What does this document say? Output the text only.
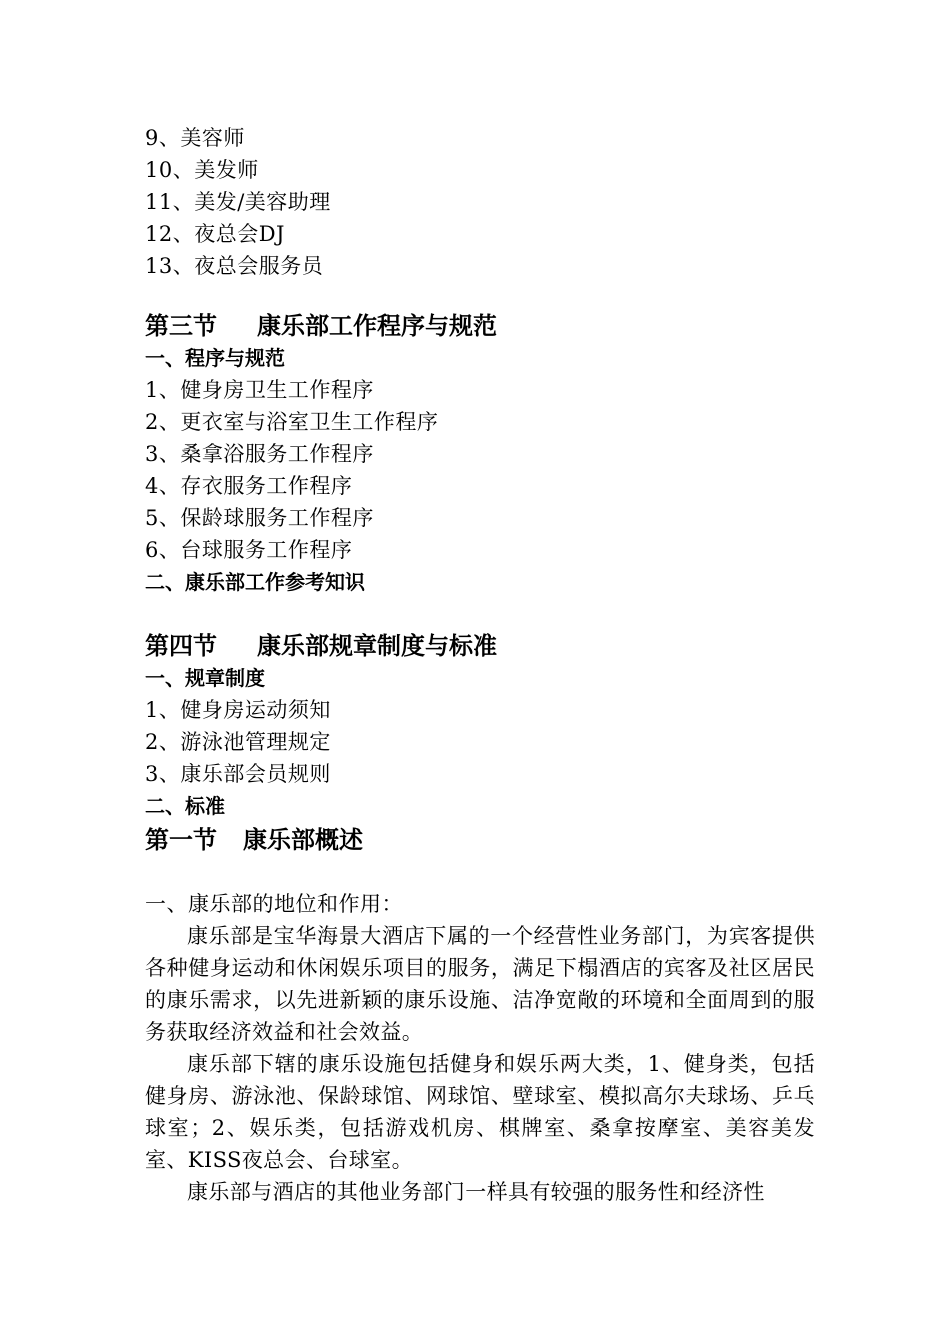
9、美容师
10、美发师
11、美发/美容助理
12、夜总会DJ
13、夜总会服务员
第三节 康乐部工作程序与规范
一、程序与规范
1、健身房卫生工作程序
2、更衣室与浴室卫生工作程序
3、桑拿浴服务工作程序
4、存衣服务工作程序
5、保龄球服务工作程序
6、台球服务工作程序
二、康乐部工作参考知识
第四节 康乐部规章制度与标准
一、规章制度
1、健身房运动须知
2、游泳池管理规定
3、康乐部会员规则
二、标准
第一节 康乐部概述
一、康乐部的地位和作用：

康乐部是宝华海景大酒店下属的一个经营性业务部门，为宾客提供各种健身运动和休闲娱乐项目的服务，满足下榻酒店的宾客及社区居民的康乐需求，以先进新颖的康乐设施、洁净宽敞的环境和全面周到的服务获取经济效益和社会效益。

康乐部下辖的康乐设施包括健身和娱乐两大类，1、健身类，包括健身房、游泳池、保龄球馆、网球馆、壁球室、模拟高尔夫球场、乒乓球室；2、娱乐类，包括游戏机房、棋牌室、桑拿按摩室、美容美发室、KISS夜总会、台球室。

康乐部与酒店的其他业务部门一样具有较强的服务性和经济性
